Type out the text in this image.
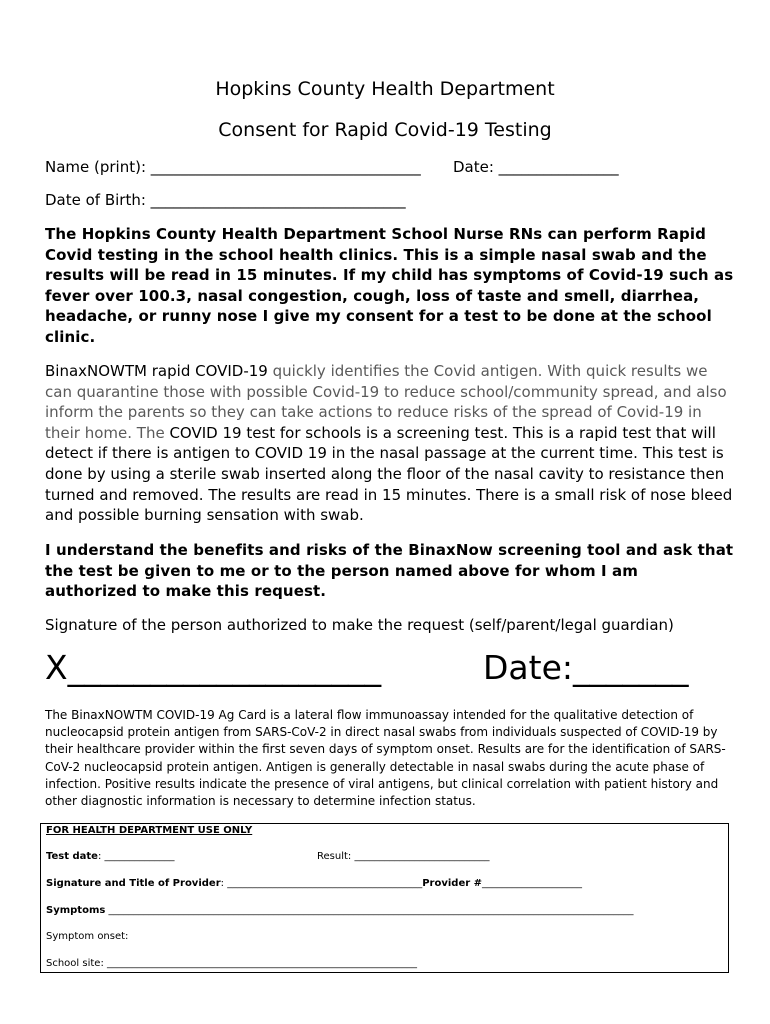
Hopkins County Health Department
Consent for Rapid Covid-19 Testing
Name (print): ____________________________________ Date: ________________
Date of Birth: __________________________________
The Hopkins County Health Department School Nurse RNs can perform Rapid Covid testing in the school health clinics. This is a simple nasal swab and the results will be read in 15 minutes. If my child has symptoms of Covid-19 such as fever over 100.3, nasal congestion, cough, loss of taste and smell, diarrhea, headache, or runny nose I give my consent for a test to be done at the school clinic.
BinaxNOWTM rapid COVID-19 quickly identifies the Covid antigen. With quick results we can quarantine those with possible Covid-19 to reduce school/community spread, and also inform the parents so they can take actions to reduce risks of the spread of Covid-19 in their home. The COVID 19 test for schools is a screening test. This is a rapid test that will detect if there is antigen to COVID 19 in the nasal passage at the current time. This test is done by using a sterile swab inserted along the floor of the nasal cavity to resistance then turned and removed. The results are read in 15 minutes. There is a small risk of nose bleed and possible burning sensation with swab.
I understand the benefits and risks of the BinaxNow screening tool and ask that the test be given to me or to the person named above for whom I am authorized to make this request.
Signature of the person authorized to make the request (self/parent/legal guardian)
X___________________	Date:_______
The BinaxNOWTM COVID-19 Ag Card is a lateral flow immunoassay intended for the qualitative detection of nucleocapsid protein antigen from SARS-CoV-2 in direct nasal swabs from individuals suspected of COVID-19 by their healthcare provider within the first seven days of symptom onset. Results are for the identification of SARS-CoV-2 nucleocapsid protein antigen. Antigen is generally detectable in nasal swabs during the acute phase of infection. Positive results indicate the presence of viral antigens, but clinical correlation with patient history and other diagnostic information is necessary to determine infection status.
FOR HEALTH DEPARTMENT USE ONLY
Test date: ______________	Result: ___________________________
Signature and Title of Provider: _______________________________________Provider #____________________
Symptoms _________________________________________________________________________________________________________
Symptom onset:
School site: ______________________________________________________________
